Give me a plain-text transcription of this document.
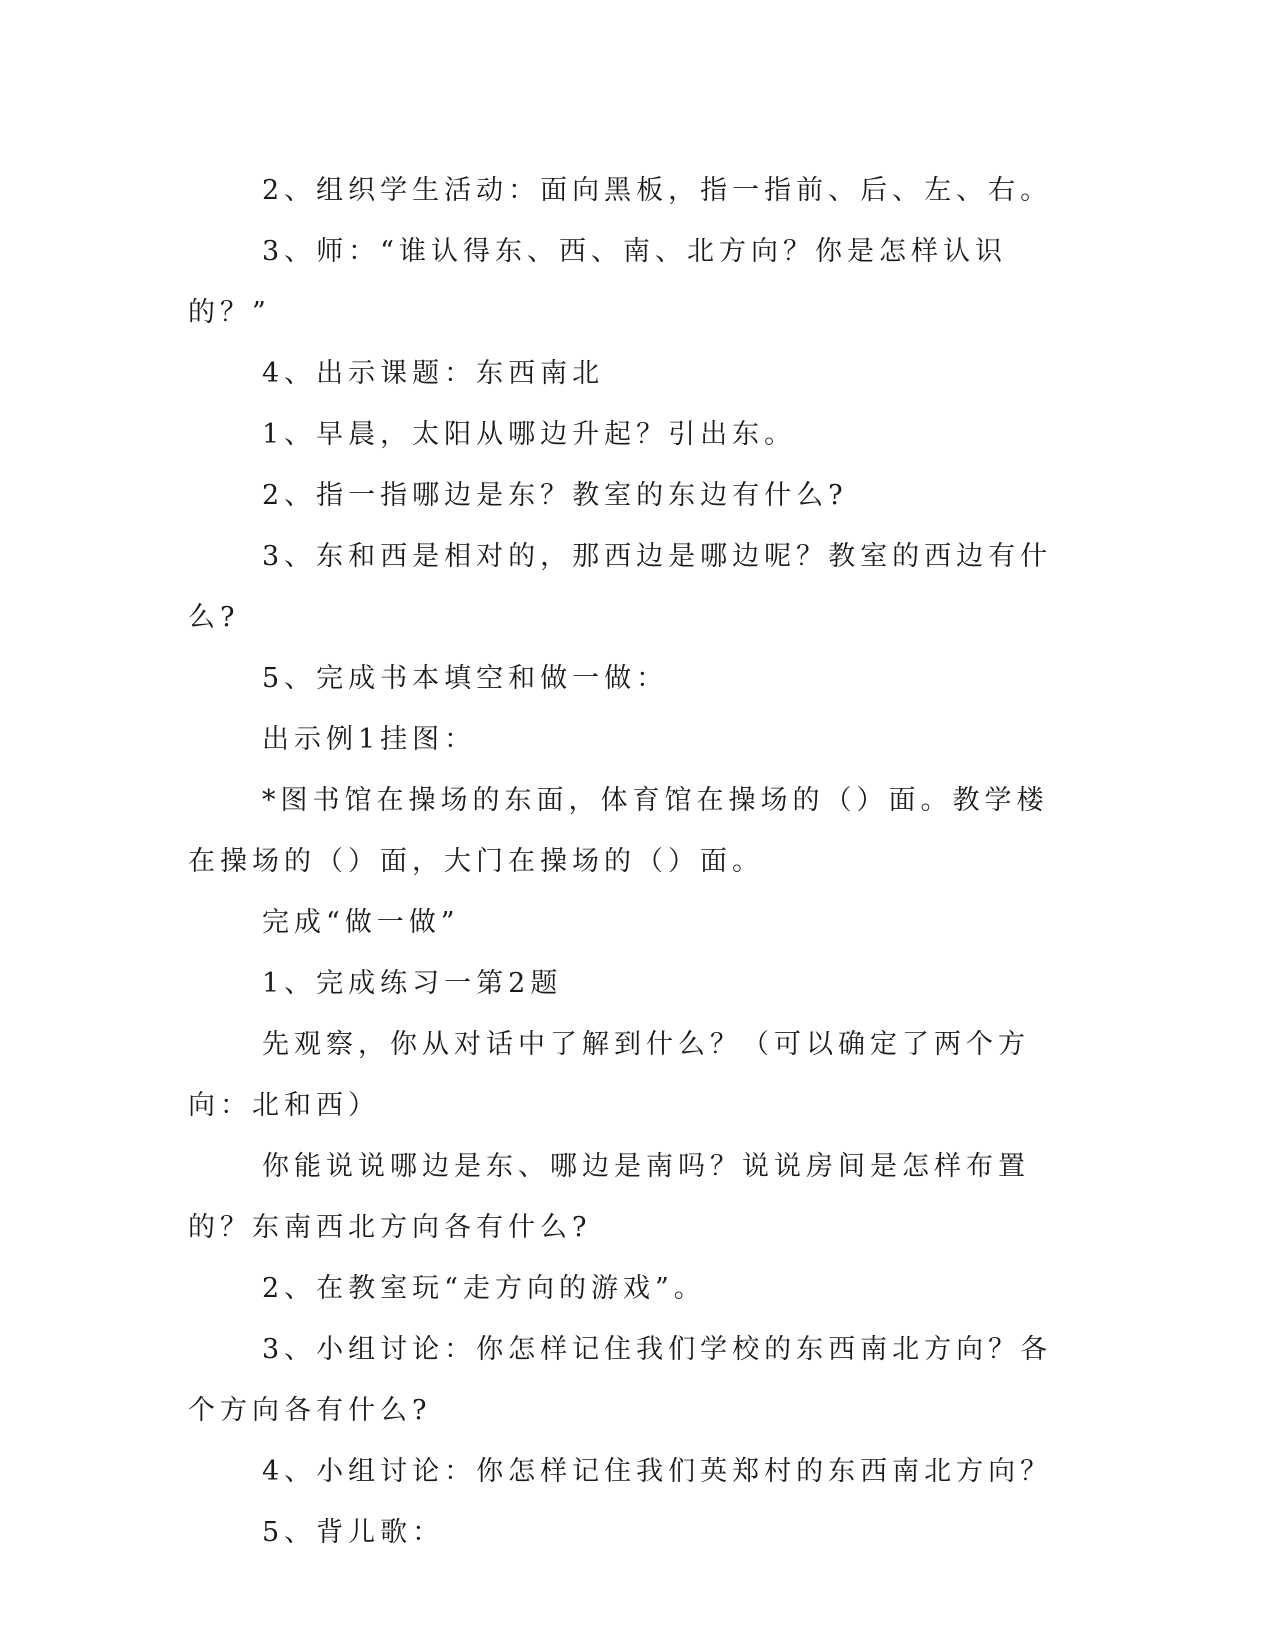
2、组织学生活动：面向黑板，指一指前、后、左、右。

3、师：“谁认得东、西、南、北方向？你是怎样认识的？”

4、出示课题：东西南北

1、早晨，太阳从哪边升起？引出东。

2、指一指哪边是东？教室的东边有什么?

3、东和西是相对的，那西边是哪边呢？教室的西边有什么?

5、完成书本填空和做一做：

出示例1挂图：

*图书馆在操场的东面，体育馆在操场的（）面。教学楼在操场的（）面，大门在操场的（）面。

完成“做一做”

1、完成练习一第2题

先观察，你从对话中了解到什么？（可以确定了两个方向：北和西）

你能说说哪边是东、哪边是南吗？说说房间是怎样布置的？东南西北方向各有什么?

2、在教室玩“走方向的游戏”。

3、小组讨论：你怎样记住我们学校的东西南北方向？各个方向各有什么?

4、小组讨论：你怎样记住我们英郑村的东西南北方向？

5、背儿歌：
